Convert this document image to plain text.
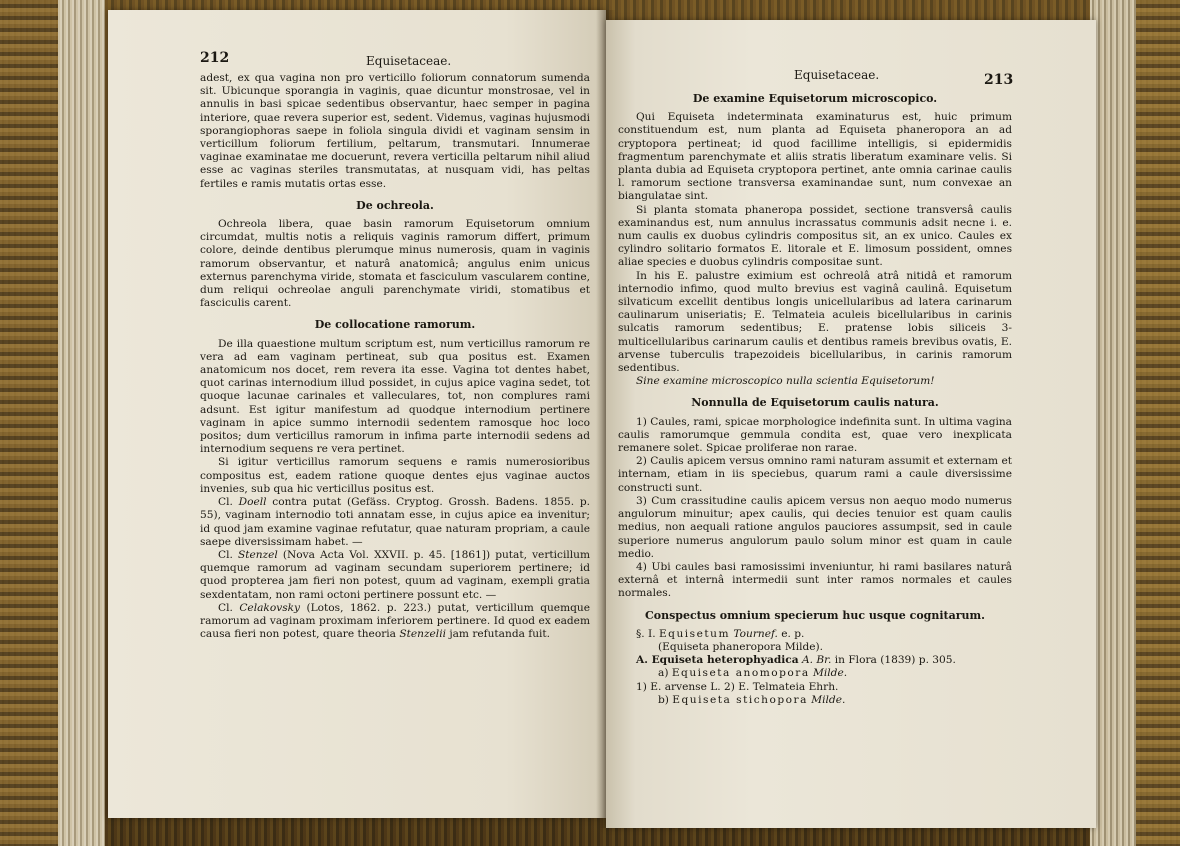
212	Equisetaceae.

adest, ex qua vagina non pro verticillo foliorum connatorum sumenda sit. Ubicunque sporangia in vaginis, quae dicuntur monstrosae, vel in annulis in basi spicae sedentibus observantur, haec semper in pagina interiore, quae revera superior est, sedent. Videmus, vaginas hujusmodi sporangiophoras saepe in foliola singula dividi et vaginam sensim in verticillum foliorum fertilium, peltarum, transmutari. Innumerae vaginae examinatae me docuerunt, revera verticilla peltarum nihil aliud esse ac vaginas steriles transmutatas, at nusquam vidi, has peltas fertiles e ramis mutatis ortas esse.

De ochreola.

Ochreola libera, quae basin ramorum Equisetorum omnium circumdat, multis notis a reliquis vaginis ramorum differt, primum colore, deinde dentibus plerumque minus numerosis, quam in vaginis ramorum observantur, et naturâ anatomicâ; angulus enim unicus externus parenchyma viride, stomata et fasciculum vascularem contine, dum reliqui ochreolae anguli parenchymate viridi, stomatibus et fasciculis carent.

De collocatione ramorum.

De illa quaestione multum scriptum est, num verticillus ramorum re vera ad eam vaginam pertineat, sub qua positus est. Examen anatomicum nos docet, rem revera ita esse. Vagina tot dentes habet, quot carinas internodium illud possidet, in cujus apice vagina sedet, tot quoque lacunae carinales et valleculares, tot, non complures rami adsunt. Est igitur manifestum ad quodque internodium pertinere vaginam in apice summo internodii sedentem ramosque hoc loco positos; dum verticillus ramorum in infima parte internodii sedens ad internodium sequens re vera pertinet.

Si igitur verticillus ramorum sequens e ramis numerosioribus compositus est, eadem ratione quoque dentes ejus vaginae auctos invenies, sub qua hic verticillus positus est.

Cl. Doell contra putat (Gefäss. Cryptog. Grossh. Badens. 1855. p. 55), vaginam internodio toti annatam esse, in cujus apice ea invenitur; id quod jam examine vaginae refutatur, quae naturam propriam, a caule saepe diversissimam habet. —

Cl. Stenzel (Nova Acta Vol. XXVII. p. 45. [1861]) putat, verticillum quemque ramorum ad vaginam secundam superiorem pertinere; id quod propterea jam fieri non potest, quum ad vaginam, exempli gratia sexdentatam, non rami octoni pertinere possunt etc. —

Cl. Celakovsky (Lotos, 1862. p. 223.) putat, verticillum quemque ramorum ad vaginam proximam inferiorem pertinere. Id quod ex eadem causa fieri non potest, quare theoria Stenzelii jam refutanda fuit.

Equisetaceae.	213
De examine Equisetorum microscopico.

Qui Equiseta indeterminata examinaturus est, huic primum constituendum est, num planta ad Equiseta phaneropora an ad cryptopora pertineat; id quod facillime intelligis, si epidermidis fragmentum parenchymate et aliis stratis liberatum examinare velis. Si planta dubia ad Equiseta cryptopora pertinet, ante omnia carinae caulis l. ramorum sectione transversa examinandae sunt, num convexae an biangulatae sint.

Si planta stomata phaneropa possidet, sectione transversâ caulis examinandus est, num annulus incrassatus communis adsit necne i. e. num caulis ex duobus cylindris compositus sit, an ex unico. Caules ex cylindro solitario formatos E. litorale et E. limosum possident, omnes aliae species e duobus cylindris compositae sunt.

In his E. palustre eximium est ochreolâ atrâ nitidâ et ramorum internodio infimo, quod multo brevius est vaginâ caulinâ. Equisetum silvaticum excellit dentibus longis unicellularibus ad latera carinarum caulinarum uniseriatis; E. Telmateia aculeis bicellularibus in carinis sulcatis ramorum sedentibus; E. pratense lobis siliceis 3- multicellularibus carinarum caulis et dentibus rameis brevibus ovatis, E. arvense tuberculis trapezoideis bicellularibus, in carinis ramorum sedentibus.

Sine examine microscopico nulla scientia Equisetorum!

Nonnulla de Equisetorum caulis natura.

1) Caules, rami, spicae morphologice indefinita sunt. In ultima vagina caulis ramorumque gemmula condita est, quae vero inexplicata remanere solet. Spicae proliferae non rarae.

2) Caulis apicem versus omnino rami naturam assumit et externam et internam, etiam in iis speciebus, quarum rami a caule diversissime constructi sunt.

3) Cum crassitudine caulis apicem versus non aequo modo numerus angulorum minuitur; apex caulis, qui decies tenuior est quam caulis medius, non aequali ratione angulos pauciores assumpsit, sed in caule superiore numerus angulorum paulo solum minor est quam in caule medio.

4) Ubi caules basi ramosissimi inveniuntur, hi rami basilares naturâ externâ et internâ intermedii sunt inter ramos normales et caules normales.

Conspectus omnium specierum huc usque cognitarum.

§. I. Equisetum Tournef. e. p.

(Equiseta phaneropora Milde).

A. Equiseta heterophyadica A. Br. in Flora (1839) p. 305.

a) Equiseta anomopora Milde.

1) E. arvense L. 2) E. Telmateia Ehrh.

b) Equiseta stichopora Milde.
